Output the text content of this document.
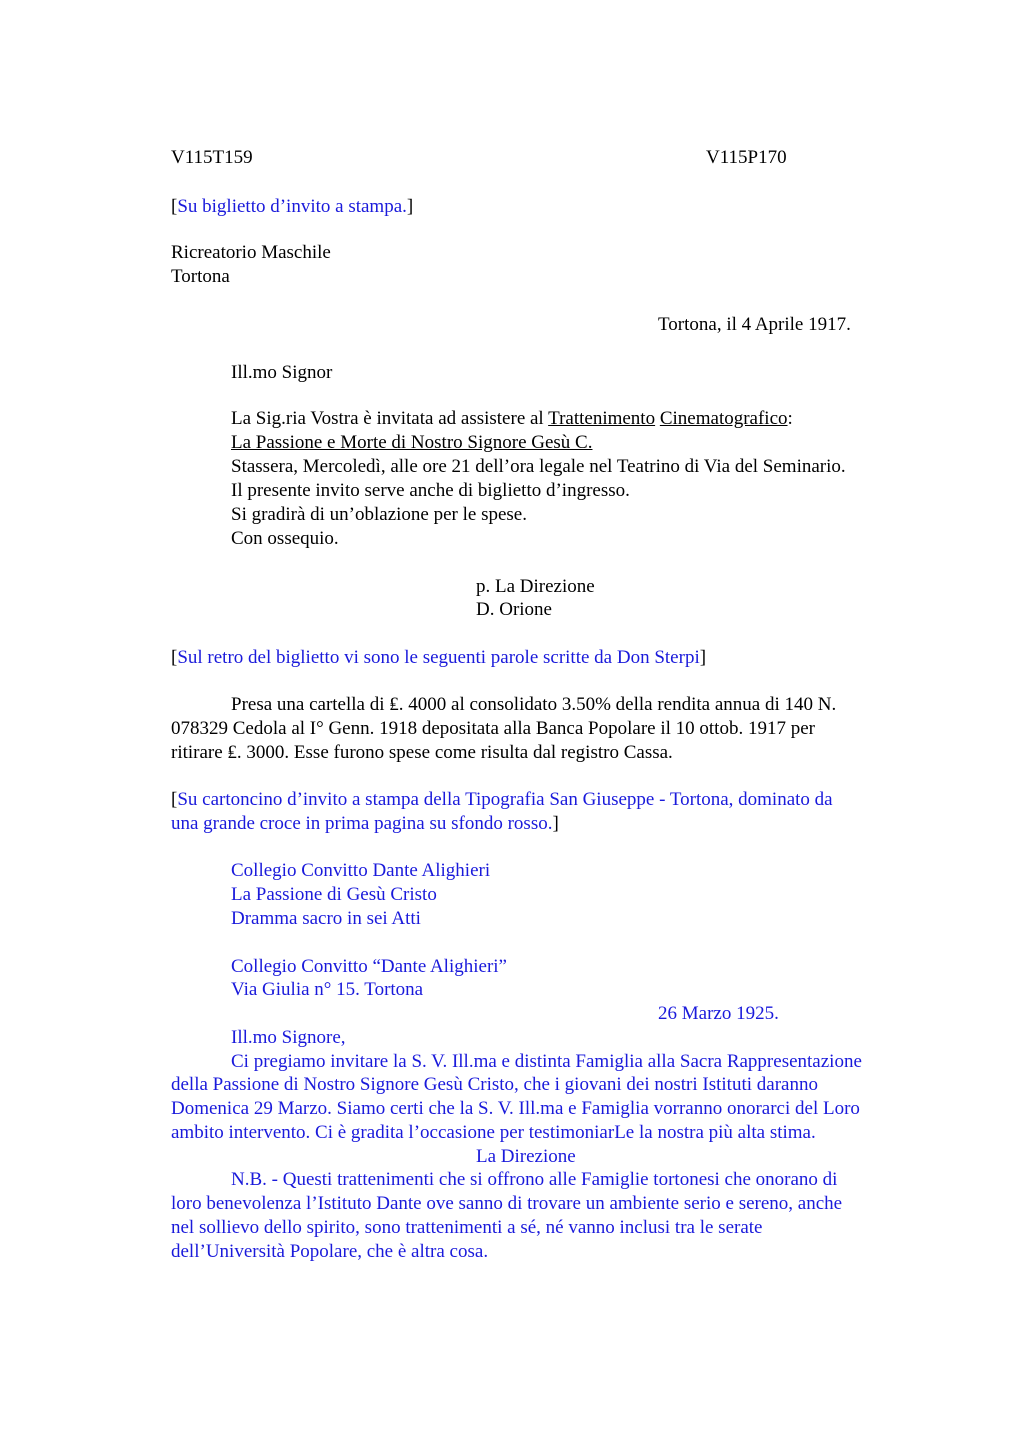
V115T159	V115P170
[Su biglietto d’invito a stampa.]
Ricreatorio Maschile
Tortona
Tortona, il 4 Aprile 1917.
Ill.mo Signor
La Sig.ria Vostra è invitata ad assistere al Trattenimento Cinematografico:
La Passione e Morte di Nostro Signore Gesù C.
Stassera, Mercoledì, alle ore 21 dell’ora legale nel Teatrino di Via del Seminario.
Il presente invito serve anche di biglietto d’ingresso.
Si gradirà di un’oblazione per le spese.
Con ossequio.
p. La Direzione
D. Orione
[Sul retro del biglietto vi sono le seguenti parole scritte da Don Sterpi]
Presa una cartella di ₤. 4000 al consolidato 3.50% della rendita annua di 140 N.
078329 Cedola al I° Genn. 1918 depositata alla Banca Popolare il 10 ottob. 1917 per
ritirare ₤. 3000. Esse furono spese come risulta dal registro Cassa.
[Su cartoncino d’invito a stampa della Tipografia San Giuseppe - Tortona, dominato da
una grande croce in prima pagina su sfondo rosso.]
Collegio Convitto Dante Alighieri
La Passione di Gesù Cristo
Dramma sacro in sei Atti
Collegio Convitto “Dante Alighieri”
Via Giulia n° 15. Tortona
26 Marzo 1925.
Ill.mo Signore,
Ci pregiamo invitare la S. V. Ill.ma e distinta Famiglia alla Sacra Rappresentazione
della Passione di Nostro Signore Gesù Cristo, che i giovani dei nostri Istituti daranno
Domenica 29 Marzo. Siamo certi che la S. V. Ill.ma e Famiglia vorranno onorarci del Loro
ambito intervento. Ci è gradita l’occasione per testimoniarLe la nostra più alta stima.
La Direzione
N.B. - Questi trattenimenti che si offrono alle Famiglie tortonesi che onorano di
loro benevolenza l’Istituto Dante ove sanno di trovare un ambiente serio e sereno, anche
nel sollievo dello spirito, sono trattenimenti a sé, né vanno inclusi tra le serate
dell’Università Popolare, che è altra cosa.
